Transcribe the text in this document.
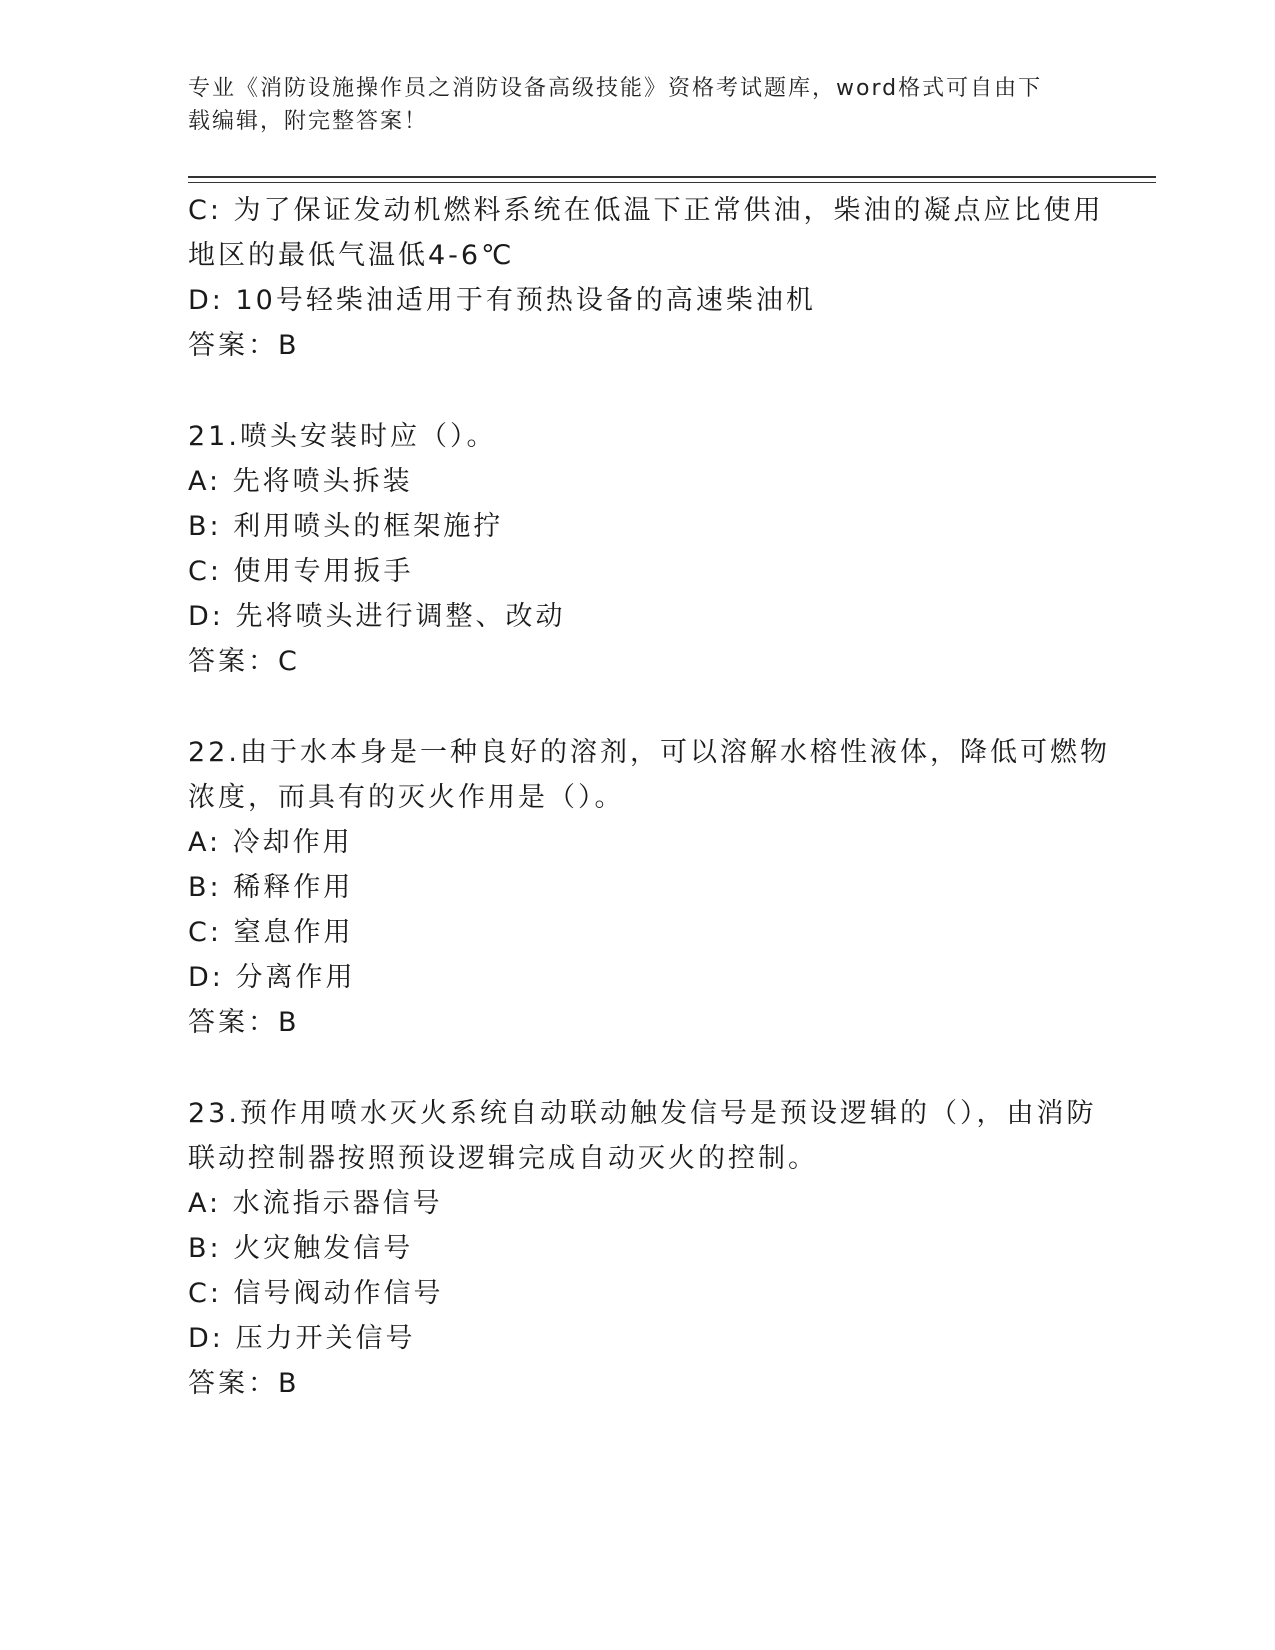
专业《消防设施操作员之消防设备高级技能》资格考试题库，word格式可自由下
载编辑，附完整答案！
C: 为了保证发动机燃料系统在低温下正常供油，柴油的凝点应比使用
地区的最低气温低4-6℃
D: 10号轻柴油适用于有预热设备的高速柴油机
答案：B
21.喷头安装时应（）。
A: 先将喷头拆装
B: 利用喷头的框架施拧
C: 使用专用扳手
D: 先将喷头进行调整、改动
答案：C
22.由于水本身是一种良好的溶剂，可以溶解水榕性液体，降低可燃物
浓度，而具有的灭火作用是（）。
A: 冷却作用
B: 稀释作用
C: 窒息作用
D: 分离作用
答案：B
23.预作用喷水灭火系统自动联动触发信号是预设逻辑的（），由消防
联动控制器按照预设逻辑完成自动灭火的控制。
A: 水流指示器信号
B: 火灾触发信号
C: 信号阀动作信号
D: 压力开关信号
答案：B
